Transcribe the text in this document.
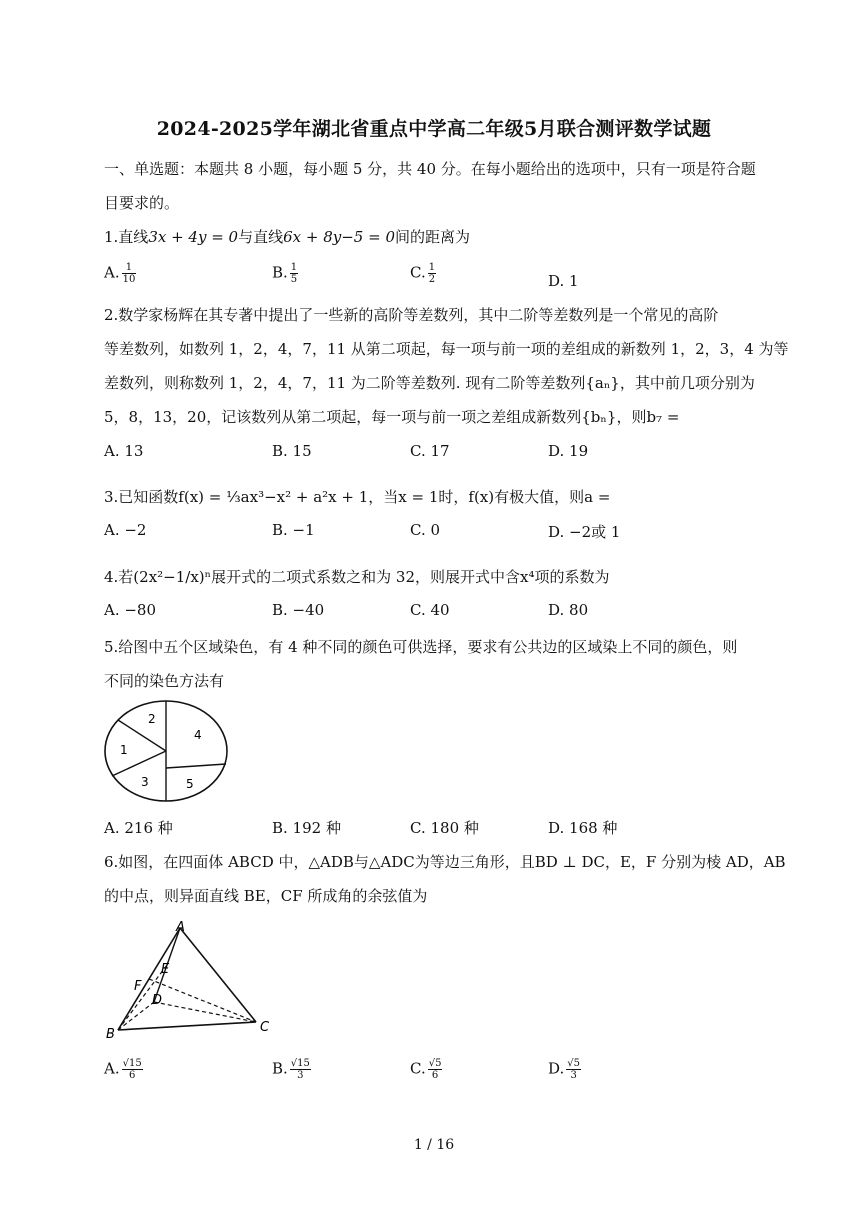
2024-2025学年湖北省重点中学高二年级5月联合测评数学试题
一、单选题：本题共 8 小题，每小题 5 分，共 40 分。在每小题给出的选项中，只有一项是符合题
目要求的。
1.直线3x + 4y = 0与直线6x + 8y−5 = 0间的距离为
A. $\frac{1}{10}$	B. $\frac{1}{5}$	C. $\frac{1}{2}$	D. 1
2.数学家杨辉在其专著中提出了一些新的高阶等差数列，其中二阶等差数列是一个常见的高阶
等差数列，如数列 1，2，4，7，11 从第二项起，每一项与前一项的差组成的新数列 1，2，3，4 为等
差数列，则称数列 1，2，4，7，11 为二阶等差数列. 现有二阶等差数列{aₙ}，其中前几项分别为
5，8，13，20，记该数列从第二项起，每一项与前一项之差组成新数列{bₙ}，则b₇ =
A. 13	B. 15	C. 17	D. 19
3.已知函数f(x) = ⅓ax³−x² + a²x + 1，当x = 1时，f(x)有极大值，则a =
A. −2	B. −1	C. 0	D. −2或 1
4.若(2x²−1/x)ⁿ展开式的二项式系数之和为 32，则展开式中含x⁴项的系数为
A. −80	B. −40	C. 40	D. 80
5.给图中五个区域染色，有 4 种不同的颜色可供选择，要求有公共边的区域染上不同的颜色，则
不同的染色方法有
2
1
4
3	5
A. 216 种	B. 192 种	C. 180 种	D. 168 种
6.如图，在四面体 ABCD 中，△ADB与△ADC为等边三角形，且BD ⊥ DC，E，F 分别为棱 AD，AB
的中点，则异面直线 BE，CF 所成角的余弦值为
A
E
F
D
B	C
A. $\frac{√15}{6}$	B. $\frac{√15}{3}$	C. $\frac{√5}{6}$	D. $\frac{√5}{3}$
1 / 16
